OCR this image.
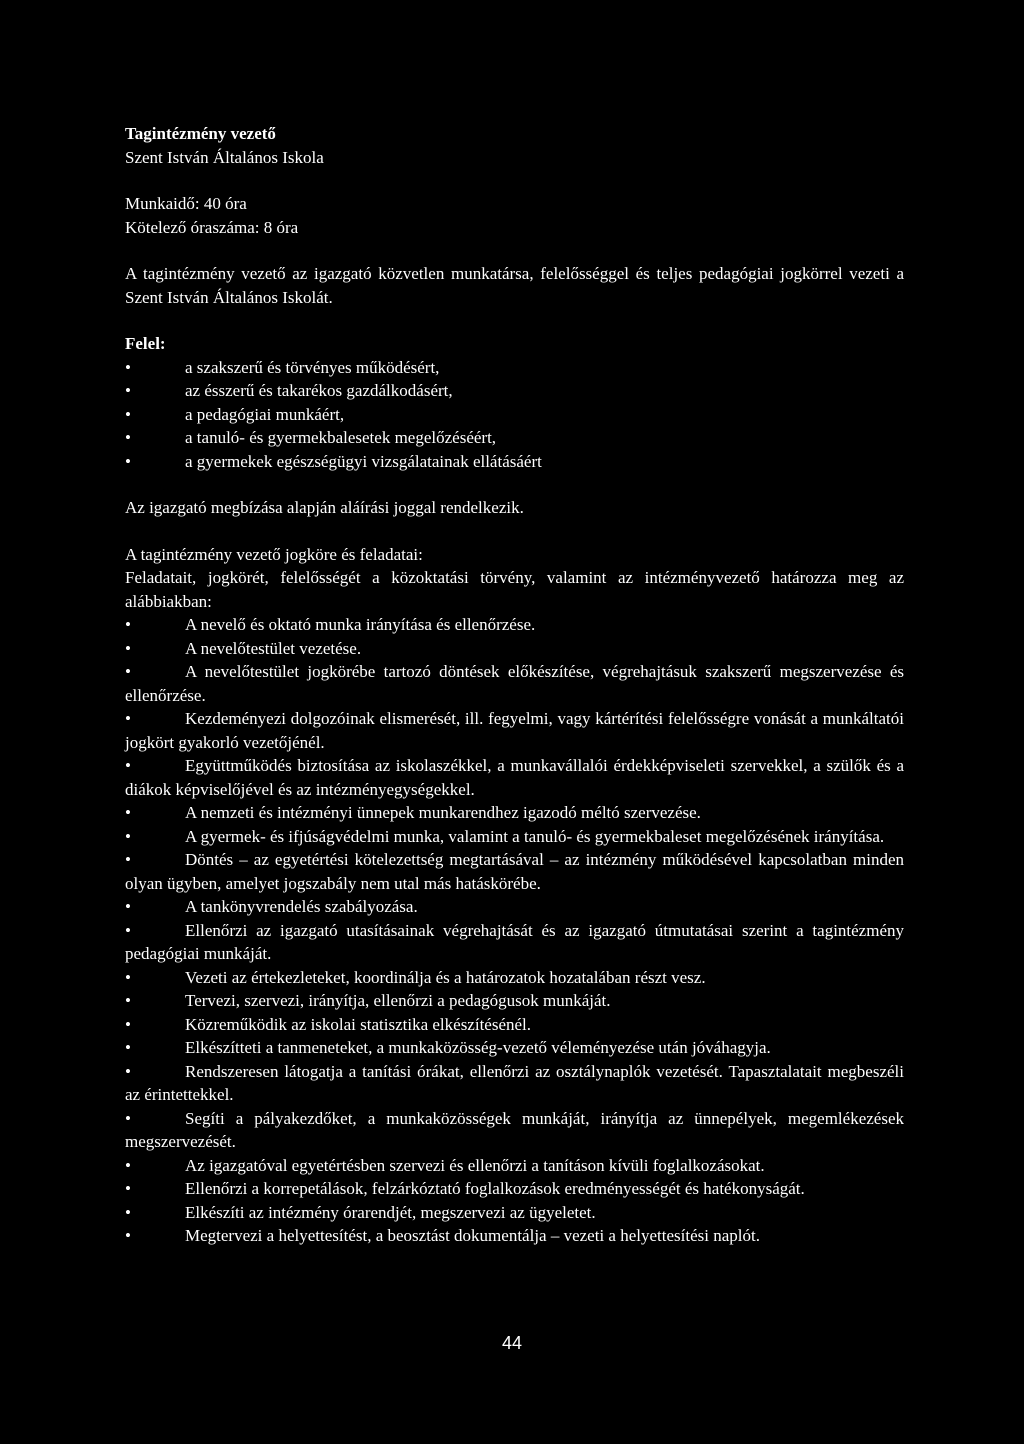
Tagintézmény vezető

Szent István Általános Iskola

Munkaidő: 40 óra

Kötelező óraszáma: 8 óra

A tagintézmény vezető az igazgató közvetlen munkatársa, felelősséggel és teljes pedagógiai jogkörrel vezeti a Szent István Általános Iskolát.

Felel:

•	a szakszerű és törvényes működésért,
•	az ésszerű és takarékos gazdálkodásért,
•	a pedagógiai munkáért,
•	a tanuló- és gyermekbalesetek megelőzéséért,
•	a gyermekek egészségügyi vizsgálatainak ellátásáért

Az igazgató megbízása alapján aláírási joggal rendelkezik.

A tagintézmény vezető jogköre és feladatai:

Feladatait, jogkörét, felelősségét a közoktatási törvény, valamint az intézményvezető határozza meg az alábbiakban:

•	A nevelő és oktató munka irányítása és ellenőrzése.
•	A nevelőtestület vezetése.
•	A nevelőtestület jogkörébe tartozó döntések előkészítése, végrehajtásuk szakszerű megszervezése és ellenőrzése.
•	Kezdeményezi dolgozóinak elismerését, ill. fegyelmi, vagy kártérítési felelősségre vonását a munkáltatói jogkört gyakorló vezetőjénél.
•	Együttműködés biztosítása az iskolaszékkel, a munkavállalói érdekképviseleti szervekkel, a szülők és a diákok képviselőjével és az intézményegységekkel.
•	A nemzeti és intézményi ünnepek munkarendhez igazodó méltó szervezése.
•	A gyermek- és ifjúságvédelmi munka, valamint a tanuló- és gyermekbaleset megelőzésének irányítása.
•	Döntés – az egyetértési kötelezettség megtartásával – az intézmény működésével kapcsolatban minden olyan ügyben, amelyet jogszabály nem utal más hatáskörébe.
•	A tankönyvrendelés szabályozása.
•	Ellenőrzi az igazgató utasításainak végrehajtását és az igazgató útmutatásai szerint a tagintézmény pedagógiai munkáját.
•	Vezeti az értekezleteket, koordinálja és a határozatok hozatalában részt vesz.
•	Tervezi, szervezi, irányítja, ellenőrzi a pedagógusok munkáját.
•	Közreműködik az iskolai statisztika elkészítésénél.
•	Elkészítteti a tanmeneteket, a munkaközösség-vezető véleményezése után jóváhagyja.
•	Rendszeresen látogatja a tanítási órákat, ellenőrzi az osztálynaplók vezetését. Tapasztalatait megbeszéli az érintettekkel.
•	Segíti a pályakezdőket, a munkaközösségek munkáját, irányítja az ünnepélyek, megemlékezések megszervezését.
•	Az igazgatóval egyetértésben szervezi és ellenőrzi a tanításon kívüli foglalkozásokat.
•	Ellenőrzi a korrepetálások, felzárkóztató foglalkozások eredményességét és hatékonyságát.
•	Elkészíti az intézmény órarendjét, megszervezi az ügyeletet.
•	Megtervezi a helyettesítést, a beosztást dokumentálja – vezeti a helyettesítési naplót.
44
